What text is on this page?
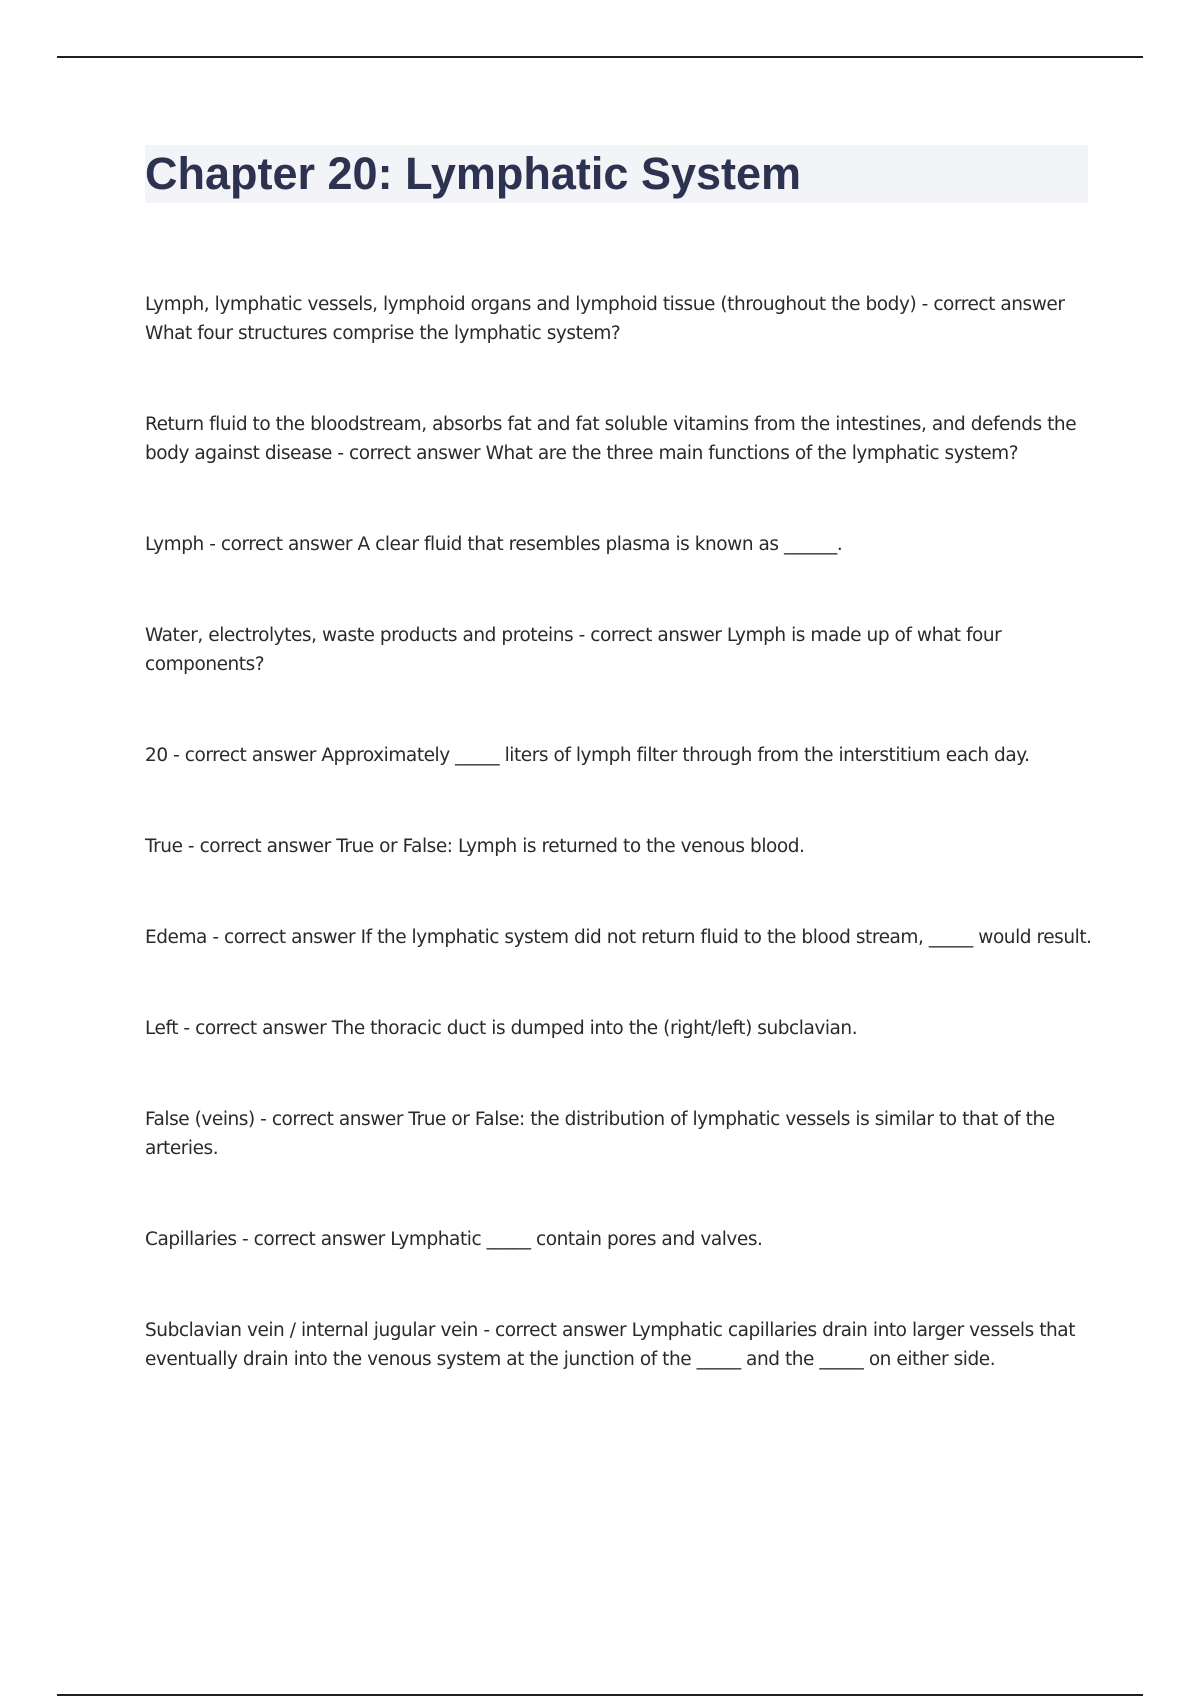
Chapter 20: Lymphatic System
Lymph, lymphatic vessels, lymphoid organs and lymphoid tissue (throughout the body) - correct answer What four structures comprise the lymphatic system?
Return fluid to the bloodstream, absorbs fat and fat soluble vitamins from the intestines, and defends the body against disease - correct answer What are the three main functions of the lymphatic system?
Lymph - correct answer A clear fluid that resembles plasma is known as ______.
Water, electrolytes, waste products and proteins - correct answer Lymph is made up of what four components?
20 - correct answer Approximately _____ liters of lymph filter through from the interstitium each day.
True - correct answer True or False: Lymph is returned to the venous blood.
Edema - correct answer If the lymphatic system did not return fluid to the blood stream, _____ would result.
Left - correct answer The thoracic duct is dumped into the (right/left) subclavian.
False (veins) - correct answer True or False: the distribution of lymphatic vessels is similar to that of the arteries.
Capillaries - correct answer Lymphatic _____ contain pores and valves.
Subclavian vein / internal jugular vein - correct answer Lymphatic capillaries drain into larger vessels that eventually drain into the venous system at the junction of the _____ and the _____ on either side.
